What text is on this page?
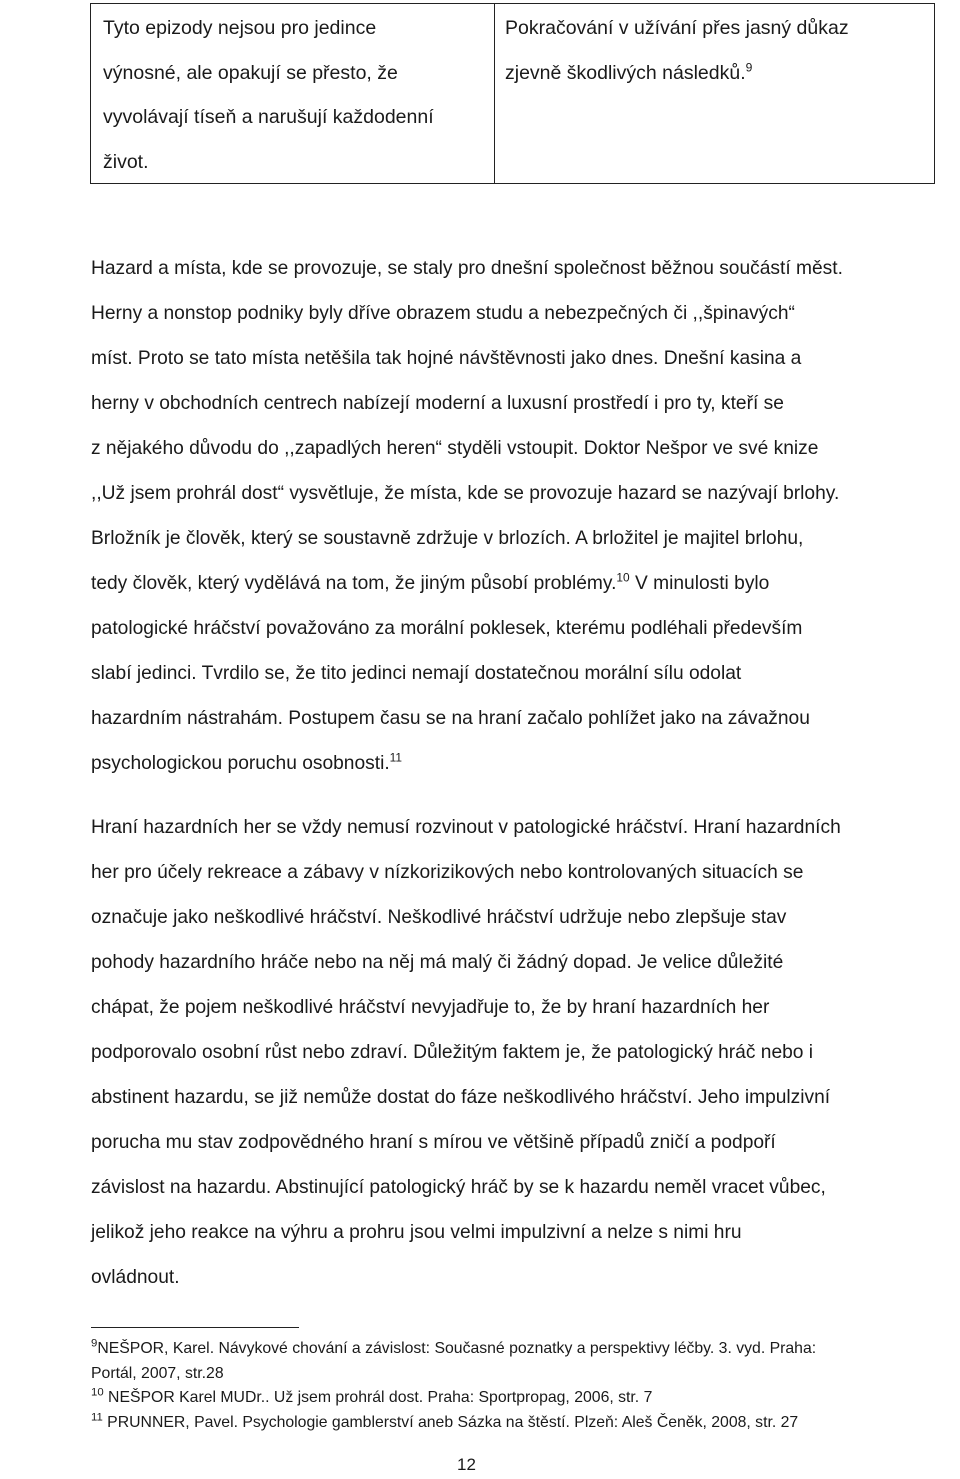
Tyto epizody nejsou pro jedince
výnosné, ale opakují se přesto, že
vyvolávají tíseň a narušují každodenní
život.

Pokračování v užívání přes jasný důkaz
zjevně škodlivých následků.$^9$

Hazard a místa, kde se provozuje, se staly pro dnešní společnost běžnou součástí měst.
Herny a nonstop podniky byly dříve obrazem studu a nebezpečných či ,,špinavých“
míst. Proto se tato místa netěšila tak hojné návštěvnosti jako dnes. Dnešní kasina a
herny v obchodních centrech nabízejí moderní a luxusní prostředí i pro ty, kteří se
z nějakého důvodu do ,,zapadlých heren“ styděli vstoupit. Doktor Nešpor ve své knize
,,Už jsem prohrál dost“ vysvětluje, že místa, kde se provozuje hazard se nazývají brlohy.
Brložník je člověk, který se soustavně zdržuje v brlozích. A brložitel je majitel brlohu,
tedy člověk, který vydělává na tom, že jiným působí problémy.$^{10}$ V minulosti bylo
patologické hráčství považováno za morální poklesek, kterému podléhali především
slabí jedinci. Tvrdilo se, že tito jedinci nemají dostatečnou morální sílu odolat
hazardním nástrahám. Postupem času se na hraní začalo pohlížet jako na závažnou
psychologickou poruchu osobnosti.$^{11}$
Hraní hazardních her se vždy nemusí rozvinout v patologické hráčství. Hraní hazardních
her pro účely rekreace a zábavy v nízkorizikových nebo kontrolovaných situacích se
označuje jako neškodlivé hráčství. Neškodlivé hráčství udržuje nebo zlepšuje stav
pohody hazardního hráče nebo na něj má malý či žádný dopad. Je velice důležité
chápat, že pojem neškodlivé hráčství nevyjadřuje to, že by hraní hazardních her
podporovalo osobní růst nebo zdraví. Důležitým faktem je, že patologický hráč nebo i
abstinent hazardu, se již nemůže dostat do fáze neškodlivého hráčství. Jeho impulzivní
porucha mu stav zodpovědného hraní s mírou ve většině případů zničí a podpoří
závislost na hazardu. Abstinující patologický hráč by se k hazardu neměl vracet vůbec,
jelikož jeho reakce na výhru a prohru jsou velmi impulzivní a nelze s nimi hru
ovládnout.
$^9$NEŠPOR, Karel. Návykové chování a závislost: Současné poznatky a perspektivy léčby. 3. vyd. Praha:
Portál, 2007, str.28
$^{10}$ NEŠPOR Karel MUDr.. Už jsem prohrál dost. Praha: Sportpropag, 2006, str. 7
$^{11}$ PRUNNER, Pavel. Psychologie gamblerství aneb Sázka na štěstí. Plzeň: Aleš Čeněk, 2008, str. 27
12
